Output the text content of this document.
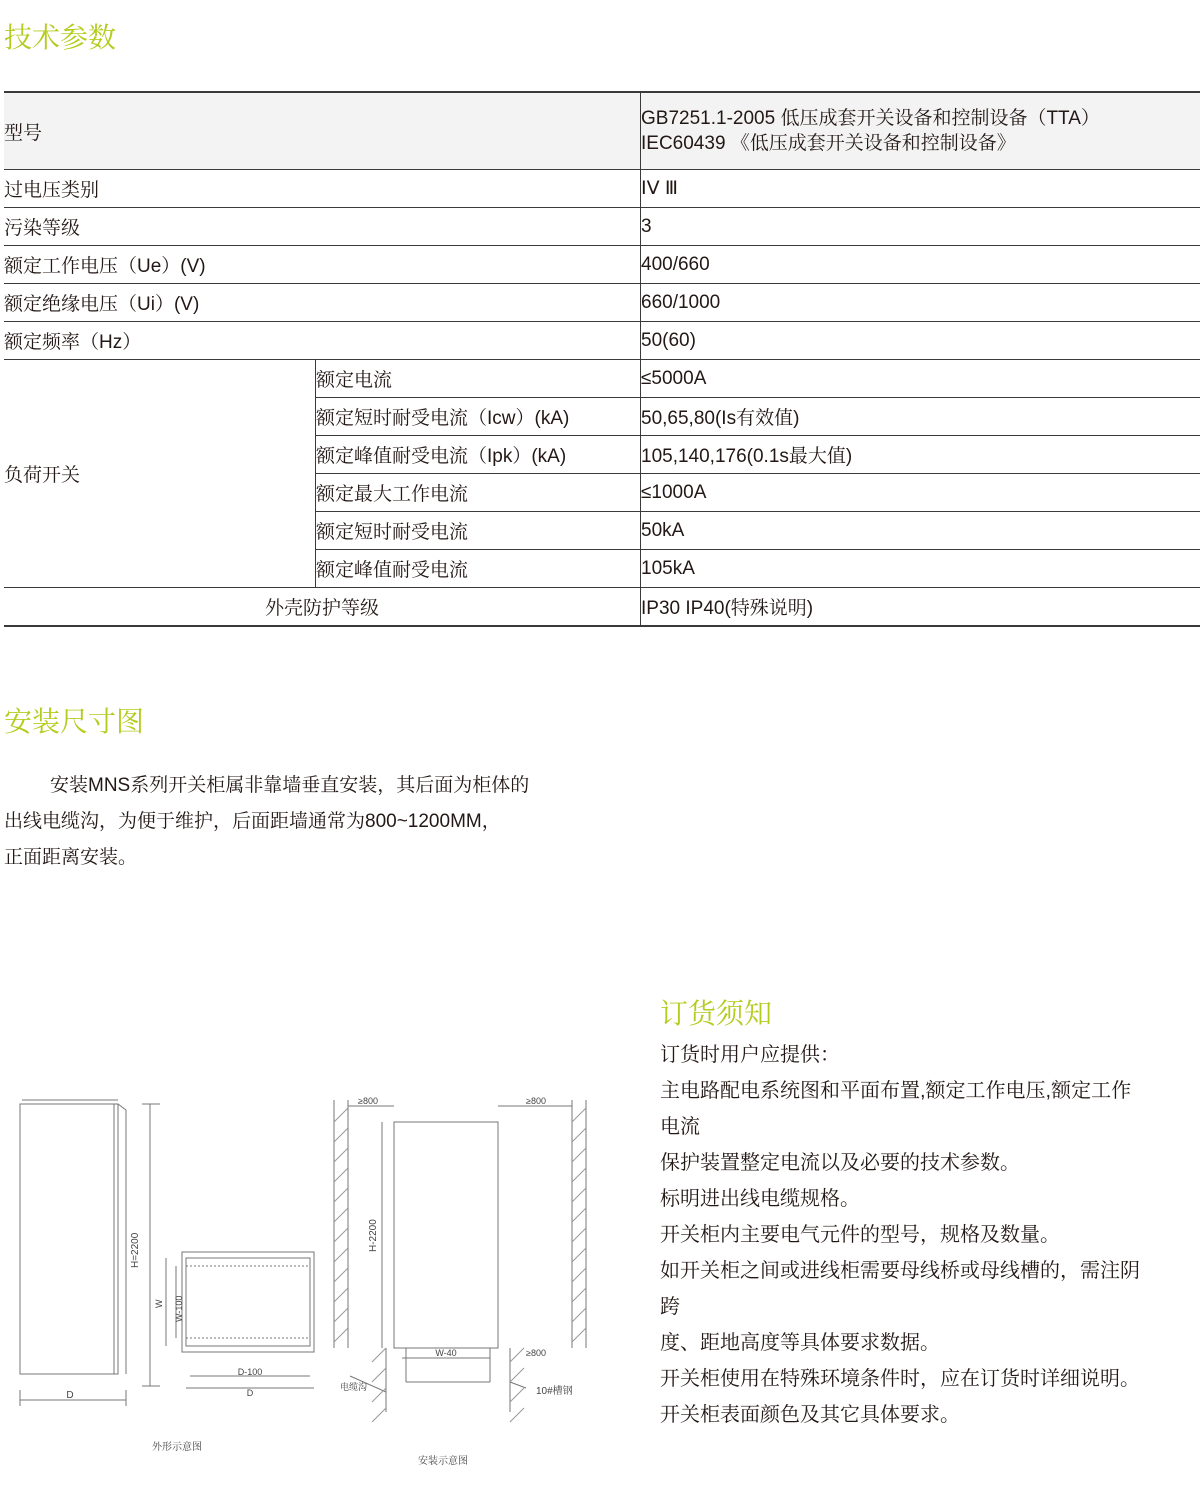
技术参数
型号		GB7251.1-2005 低压成套开关设备和控制设备（TTA）
IEC60439 《低压成套开关设备和控制设备》

过电压类别		ⅠⅤ Ⅲ
污染等级		3
额定工作电压（Ue）(V)		400/660
额定绝缘电压（Ui）(V)		660/1000
额定频率（Hz）		50(60)
负荷开关	额定电流	≤5000A
	额定短时耐受电流（Icw）(kA)	50,65,80(Is有效值)
	额定峰值耐受电流（Ipk）(kA)	105,140,176(0.1s最大值)
	额定最大工作电流	≤1000A
	额定短时耐受电流	50kA
	额定峰值耐受电流	105kA
外壳防护等级		IP30 IP40(特殊说明)
安装尺寸图
安装MNS系列开关柜属非靠墙垂直安装，其后面为柜体的
出线电缆沟，为便于维护，后面距墙通常为800~1200MM，
正面距离安装。
H=2200
D
W W-100
D-100
D
外形示意图
≥800	≥800
H-2200
W-40	≥800
电缆沟	10#槽钢
安装示意图
订货须知
订货时用户应提供：
主电路配电系统图和平面布置,额定工作电压,额定工作
电流
保护装置整定电流以及必要的技术参数。
标明进出线电缆规格。
开关柜内主要电气元件的型号，规格及数量。
如开关柜之间或进线柜需要母线桥或母线槽的，需注阴
跨
度、距地高度等具体要求数据。
开关柜使用在特殊环境条件时，应在订货时详细说明。
开关柜表面颜色及其它具体要求。
